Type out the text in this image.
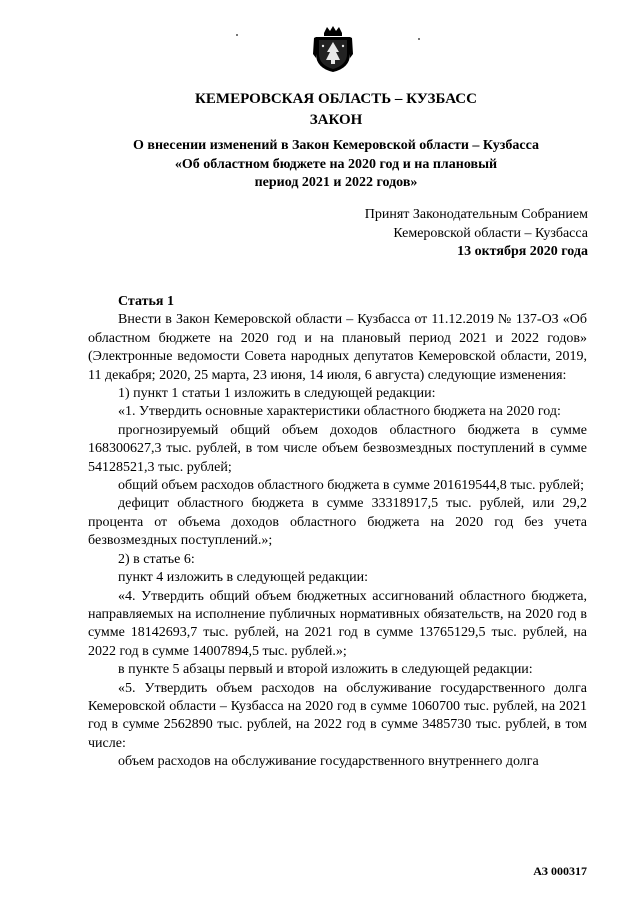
КЕМЕРОВСКАЯ ОБЛАСТЬ – КУЗБАСС
ЗАКОН
О внесении изменений в Закон Кемеровской области – Кузбасса
«Об областном бюджете на 2020 год и на плановый
период 2021 и 2022 годов»
Принят Законодательным Собранием
Кемеровской области – Кузбасса
13 октября 2020 года
Статья 1

Внести в Закон Кемеровской области – Кузбасса от 11.12.2019 № 137-ОЗ «Об областном бюджете на 2020 год и на плановый период 2021 и 2022 годов» (Электронные ведомости Совета народных депутатов Кемеровской области, 2019, 11 декабря; 2020, 25 марта, 23 июня, 14 июля, 6 августа) следующие изменения:

1) пункт 1 статьи 1 изложить в следующей редакции:

«1. Утвердить основные характеристики областного бюджета на 2020 год:

прогнозируемый общий объем доходов областного бюджета в сумме 168300627,3 тыс. рублей, в том числе объем безвозмездных поступлений в сумме 54128521,3 тыс. рублей;

общий объем расходов областного бюджета в сумме 201619544,8 тыс. рублей;

дефицит областного бюджета в сумме 33318917,5 тыс. рублей, или 29,2 процента от объема доходов областного бюджета на 2020 год без учета безвозмездных поступлений.»;

2) в статье 6:

пункт 4 изложить в следующей редакции:

«4. Утвердить общий объем бюджетных ассигнований областного бюджета, направляемых на исполнение публичных нормативных обязательств, на 2020 год в сумме 18142693,7 тыс. рублей, на 2021 год в сумме 13765129,5 тыс. рублей, на 2022 год в сумме 14007894,5 тыс. рублей.»;

в пункте 5 абзацы первый и второй изложить в следующей редакции:

«5. Утвердить объем расходов на обслуживание государственного долга Кемеровской области – Кузбасса на 2020 год в сумме 1060700 тыс. рублей, на 2021 год в сумме 2562890 тыс. рублей, на 2022 год в сумме 3485730 тыс. рублей, в том числе:

объем расходов на обслуживание государственного внутреннего долга

АЗ 000317
